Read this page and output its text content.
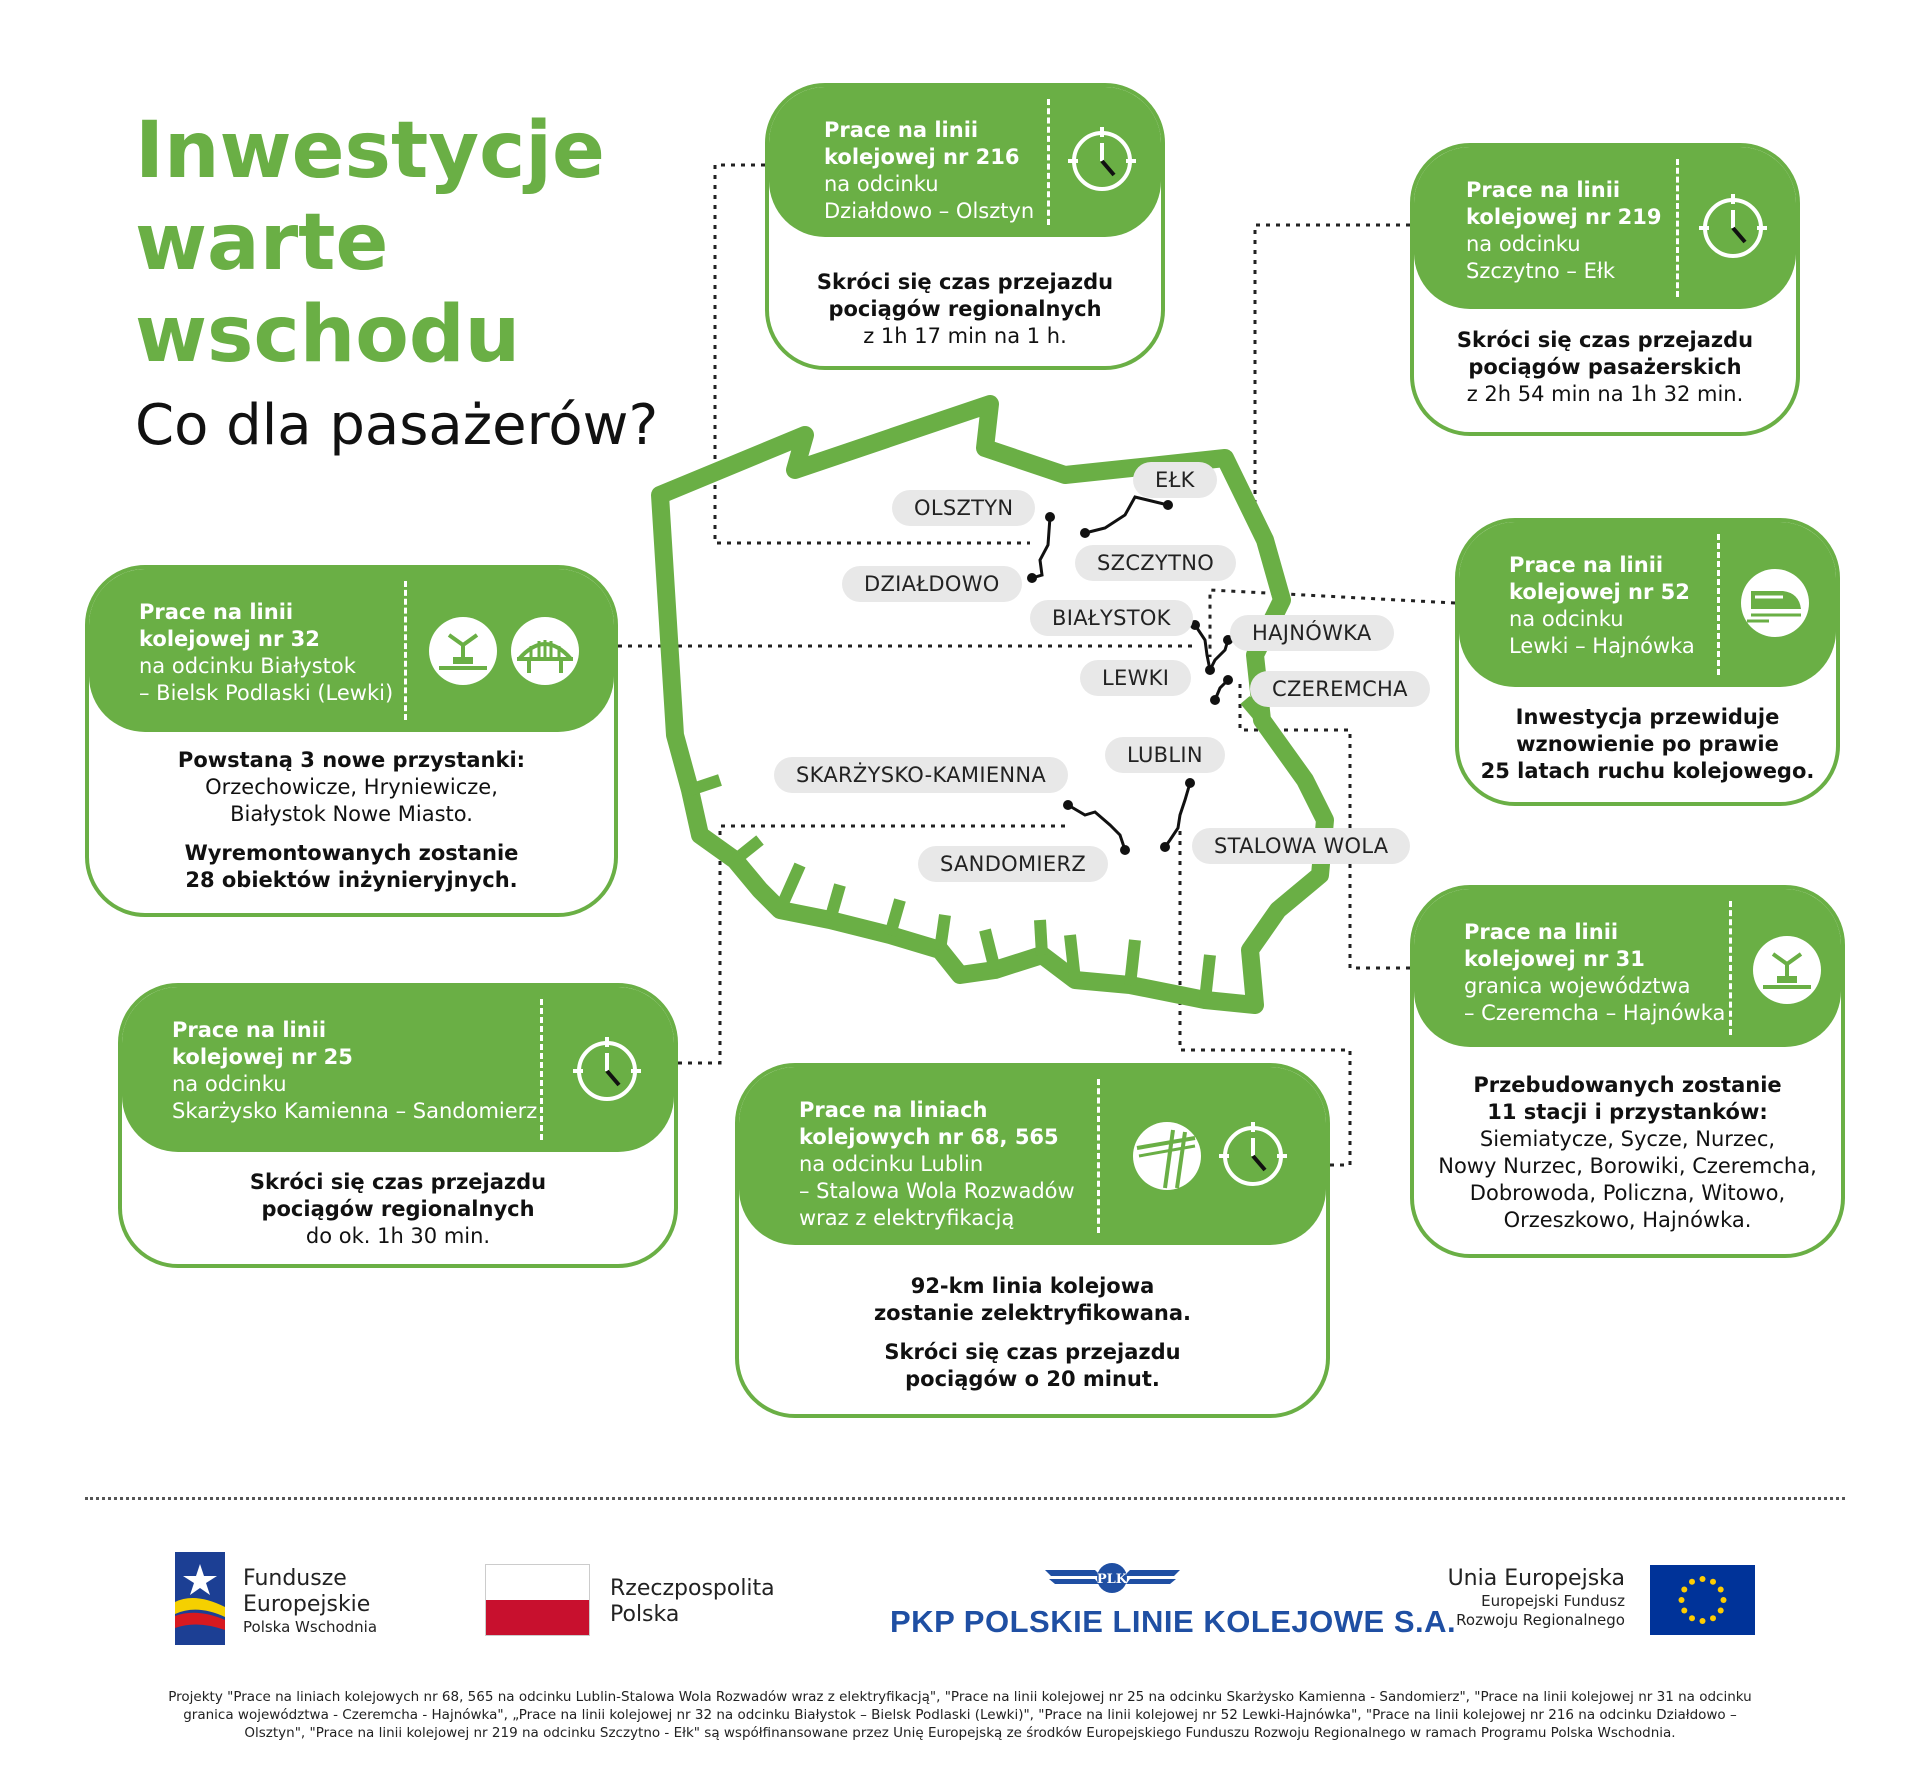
Inwestycje
warte
wschodu
Co dla pasażerów?
OLSZTYN
EŁK
SZCZYTNO
DZIAŁDOWO
BIAŁYSTOK
HAJNÓWKA
LEWKI	CZEREMCHA
LUBLIN
SKARŻYSKO-KAMIENNA
STALOWA WOLA
SANDOMIERZ
Prace na linii
kolejowej nr 216
na odcinku
Działdowo – Olsztyn
Skróci się czas przejazdu
pociągów regionalnych
z 1h 17 min na 1 h.
Prace na linii
kolejowej nr 219
na odcinku
Szczytno – Ełk
Skróci się czas przejazdu
pociągów pasażerskich
z 2h 54 min na 1h 32 min.
Prace na linii
kolejowej nr 32
na odcinku Białystok
– Bielsk Podlaski (Lewki)

Powstaną 3 nowe przystanki:
Orzechowicze, Hryniewicze,
Białystok Nowe Miasto.

Wyremontowanych zostanie
28 obiektów inżynieryjnych.

Prace na linii
kolejowej nr 52
na odcinku
Lewki – Hajnówka
Inwestycja przewiduje
wznowienie po prawie
25 latach ruchu kolejowego.
Prace na linii
kolejowej nr 31
granica województwa
– Czeremcha – Hajnówka
Przebudowanych zostanie
11 stacji i przystanków:
Siemiatycze, Sycze, Nurzec,
Nowy Nurzec, Borowiki, Czeremcha,
Dobrowoda, Policzna, Witowo,
Orzeszkowo, Hajnówka.
Prace na linii
kolejowej nr 25
na odcinku
Skarżysko Kamienna – Sandomierz
Skróci się czas przejazdu
pociągów regionalnych
do ok. 1h 30 min.
Prace na liniach
kolejowych nr 68, 565
na odcinku Lublin
– Stalowa Wola Rozwadów
wraz z elektryfikacją

92-km linia kolejowa
zostanie zelektryfikowana.

Skróci się czas przejazdu
pociągów o 20 minut.

Fundusze
Europejskie
Polska Wschodnia
Rzeczpospolita
Polska
PLK
PKP POLSKIE LINIE KOLEJOWE S.A.
Unia Europejska
Europejski Fundusz
Rozwoju Regionalnego
Projekty "Prace na liniach kolejowych nr 68, 565 na odcinku Lublin-Stalowa Wola Rozwadów wraz z elektryfikacją", "Prace na linii kolejowej nr 25 na odcinku Skarżysko Kamienna - Sandomierz", "Prace na linii kolejowej nr 31 na odcinku granica województwa - Czeremcha - Hajnówka", „Prace na linii kolejowej nr 32 na odcinku Białystok – Bielsk Podlaski (Lewki)", "Prace na linii kolejowej nr 52 Lewki-Hajnówka", "Prace na linii kolejowej nr 216 na odcinku Działdowo – Olsztyn", "Prace na linii kolejowej nr 219 na odcinku Szczytno - Ełk" są współfinansowane przez Unię Europejską ze środków Europejskiego Funduszu Rozwoju Regionalnego w ramach Programu Polska Wschodnia.
